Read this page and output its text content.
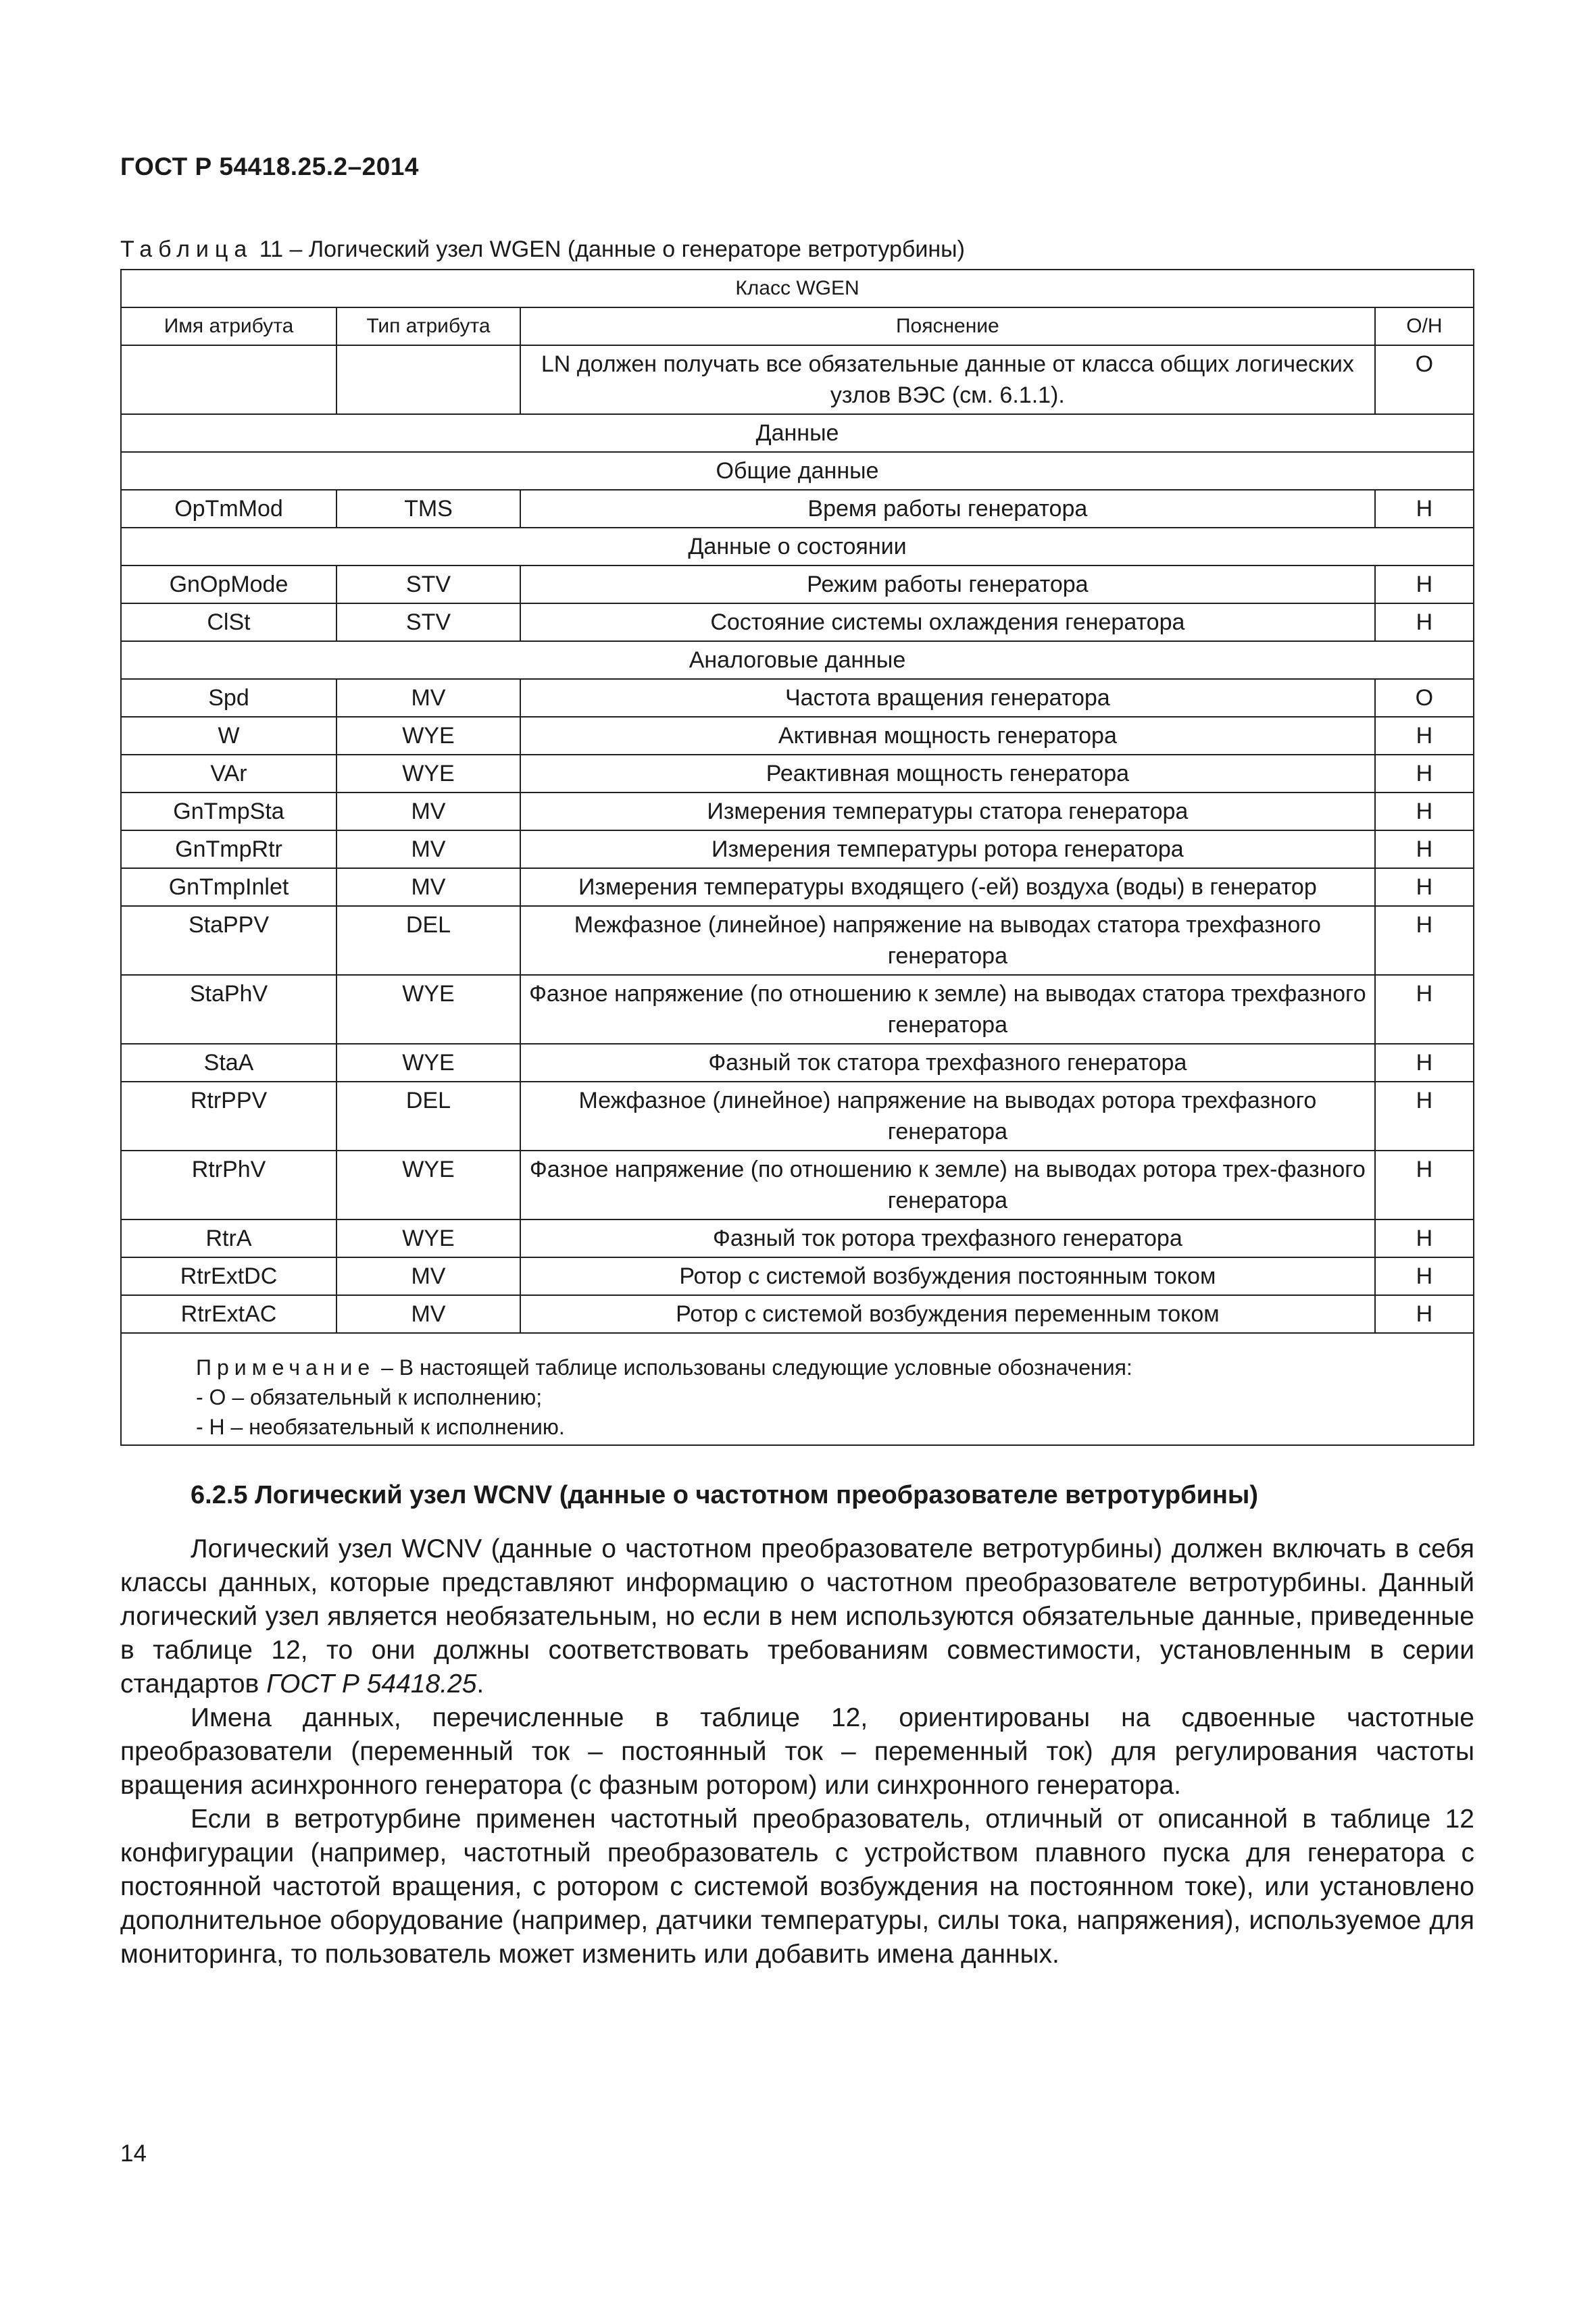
ГОСТ Р 54418.25.2–2014
Таблица 11 – Логический узел WGEN (данные о генераторе ветротурбины)
Класс WGEN			
Имя атрибута	Тип атрибута	Пояснение	О/Н
		LN должен получать все обязательные данные от класса общих логических узлов ВЭС (см. 6.1.1).	О
Данные			
Общие данные			
OpTmMod	TMS	Время работы генератора	Н
Данные о состоянии			
GnOpMode	STV	Режим работы генератора	Н
ClSt	STV	Состояние системы охлаждения генератора	Н
Аналоговые данные			
Spd	MV	Частота вращения генератора	О
W	WYE	Активная мощность генератора	Н
VAr	WYE	Реактивная мощность генератора	Н
GnTmpSta	MV	Измерения температуры статора генератора	Н
GnTmpRtr	MV	Измерения температуры ротора генератора	Н
GnTmpInlet	MV	Измерения температуры входящего (-ей) воздуха (воды) в генератор	Н
StaPPV	DEL	Межфазное (линейное) напряжение на выводах статора трехфазного генератора	Н
StaPhV	WYE	Фазное напряжение (по отношению к земле) на выводах статора трехфазного генератора	Н
StaA	WYE	Фазный ток статора трехфазного генератора	Н
RtrPPV	DEL	Межфазное (линейное) напряжение на выводах ротора трехфазного генератора	Н
RtrPhV	WYE	Фазное напряжение (по отношению к земле) на выводах ротора трех-фазного генератора	Н
RtrA	WYE	Фазный ток ротора трехфазного генератора	Н
RtrExtDC	MV	Ротор с системой возбуждения постоянным током	Н
RtrExtAC	MV	Ротор с системой возбуждения переменным током	Н

Примечание – В настоящей таблице использованы следующие условные обозначения:
- О – обязательный к исполнению;
- Н – необязательный к исполнению.			
6.2.5 Логический узел WCNV (данные о частотном преобразователе ветротурбины)

Логический узел WCNV (данные о частотном преобразователе ветротурбины) должен включать в себя классы данных, которые представляют информацию о частотном преобразователе ветротурбины. Данный логический узел является необязательным, но если в нем используются обязательные данные, приведенные в таблице 12, то они должны соответствовать требованиям совместимости, установленным в серии стандартов ГОСТ Р 54418.25.

Имена данных, перечисленные в таблице 12, ориентированы на сдвоенные частотные преобразователи (переменный ток – постоянный ток – переменный ток) для регулирования частоты вращения асинхронного генератора (с фазным ротором) или синхронного генератора.

Если в ветротурбине применен частотный преобразователь, отличный от описанной в таблице 12 конфигурации (например, частотный преобразователь с устройством плавного пуска для генератора с постоянной частотой вращения, с ротором с системой возбуждения на постоянном токе), или установлено дополнительное оборудование (например, датчики температуры, силы тока, напряжения), используемое для мониторинга, то пользователь может изменить или добавить имена данных.

14
